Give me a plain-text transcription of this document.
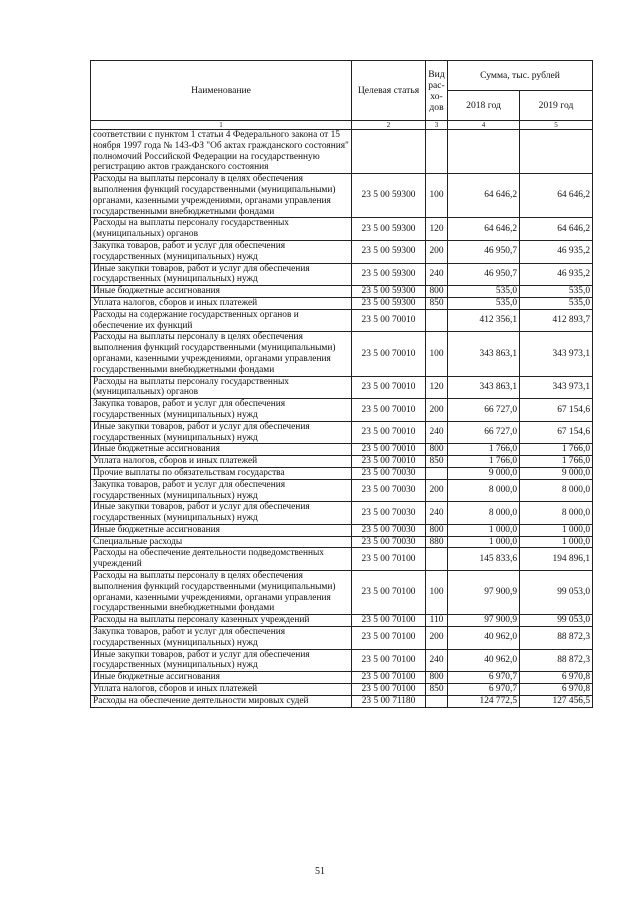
Наименование	Целевая статья	Вид рас-хо-дов	Сумма, тыс. рублей	
			2018 год	2019 год
1	2	3	4	5
соответствии с пунктом 1 статьи 4 Федерального закона от 15 ноября 1997 года № 143-ФЗ "Об актах гражданского состояния" полномочий Российской Федерации на государственную регистрацию актов гражданского состояния				
Расходы на выплаты персоналу в целях обеспечения выполнения функций государственными (муниципальными) органами, казенными учреждениями, органами управления государственными внебюджетными фондами	23 5 00 59300	100	64 646,2	64 646,2
Расходы на выплаты персоналу государственных (муниципальных) органов	23 5 00 59300	120	64 646,2	64 646,2
Закупка товаров, работ и услуг для обеспечения государственных (муниципальных) нужд	23 5 00 59300	200	46 950,7	46 935,2
Иные закупки товаров, работ и услуг для обеспечения государственных (муниципальных) нужд	23 5 00 59300	240	46 950,7	46 935,2
Иные бюджетные ассигнования	23 5 00 59300	800	535,0	535,0
Уплата налогов, сборов и иных платежей	23 5 00 59300	850	535,0	535,0
Расходы на содержание государственных органов и обеспечение их функций	23 5 00 70010		412 356,1	412 893,7
Расходы на выплаты персоналу в целях обеспечения выполнения функций государственными (муниципальными) органами, казенными учреждениями, органами управления государственными внебюджетными фондами	23 5 00 70010	100	343 863,1	343 973,1
Расходы на выплаты персоналу государственных (муниципальных) органов	23 5 00 70010	120	343 863,1	343 973,1
Закупка товаров, работ и услуг для обеспечения государственных (муниципальных) нужд	23 5 00 70010	200	66 727,0	67 154,6
Иные закупки товаров, работ и услуг для обеспечения государственных (муниципальных) нужд	23 5 00 70010	240	66 727,0	67 154,6
Иные бюджетные ассигнования	23 5 00 70010	800	1 766,0	1 766,0
Уплата налогов, сборов и иных платежей	23 5 00 70010	850	1 766,0	1 766,0
Прочие выплаты по обязательствам государства	23 5 00 70030		9 000,0	9 000,0
Закупка товаров, работ и услуг для обеспечения государственных (муниципальных) нужд	23 5 00 70030	200	8 000,0	8 000,0
Иные закупки товаров, работ и услуг для обеспечения государственных (муниципальных) нужд	23 5 00 70030	240	8 000,0	8 000,0
Иные бюджетные ассигнования	23 5 00 70030	800	1 000,0	1 000,0
Специальные расходы	23 5 00 70030	880	1 000,0	1 000,0
Расходы на обеспечение деятельности подведомственных учреждений	23 5 00 70100		145 833,6	194 896,1
Расходы на выплаты персоналу в целях обеспечения выполнения функций государственными (муниципальными) органами, казенными учреждениями, органами управления государственными внебюджетными фондами	23 5 00 70100	100	97 900,9	99 053,0
Расходы на выплаты персоналу казенных учреждений	23 5 00 70100	110	97 900,9	99 053,0
Закупка товаров, работ и услуг для обеспечения государственных (муниципальных) нужд	23 5 00 70100	200	40 962,0	88 872,3
Иные закупки товаров, работ и услуг для обеспечения государственных (муниципальных) нужд	23 5 00 70100	240	40 962,0	88 872,3
Иные бюджетные ассигнования	23 5 00 70100	800	6 970,7	6 970,8
Уплата налогов, сборов и иных платежей	23 5 00 70100	850	6 970,7	6 970,8
Расходы на обеспечение деятельности мировых судей	23 5 00 71180		124 772,5	127 456,5
51
